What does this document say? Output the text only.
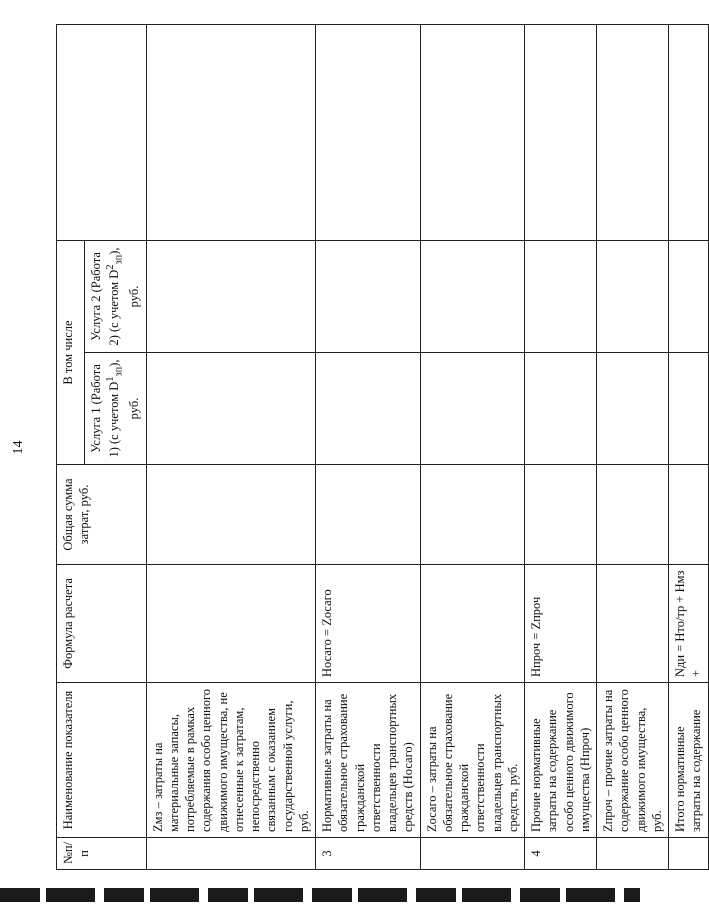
14
№п/п	Наименование показателя	Формула расчета	Общая сумма затрат, руб.	В том числе		
				Услуга 1 (Работа 1) (с учетом $D^1_{зп}$), руб.	Услуга 2 (Работа 2) (с учетом $D^2_{зп}$), руб.	
	Zмз – затраты на материальные запасы, потребляемые в рамках содержания особо ценного движимого имущества, не отнесенные к затратам, непосредственно связанным с оказанием государственной услуги, руб.					
3	Нормативные затраты на обязательное страхование гражданской ответственности владельцев транспортных средств (Носаго)	Носаго = Zосаго				
	Zосаго – затраты на обязательное страхование гражданской ответственности владельцев транспортных средств, руб.					
4	Прочие нормативные затраты на содержание особо ценного движимого имущества (Нпроч)	Нпроч = Zпроч				
	Zпроч – прочие затраты на содержание особо ценного движимого имущества, руб.					
	Итого нормативные затраты на содержание	Nди = Нто/тр + Нмз +				
